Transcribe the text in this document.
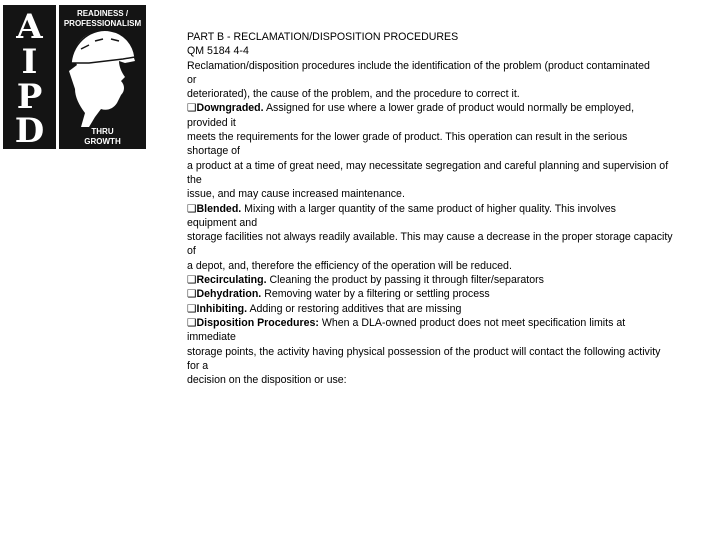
A
I
P
D
READINESS /
PROFESSIONALISM
THRU
GROWTH
PART B - RECLAMATION/DISPOSITION PROCEDURES
QM 5184 4-4
Reclamation/disposition procedures include the identification of the problem (product contaminated
or
deteriorated), the cause of the problem, and the procedure to correct it.
❑Downgraded. Assigned for use where a lower grade of product would normally be employed,
provided it
meets the requirements for the lower grade of product. This operation can result in the serious
shortage of
a product at a time of great need, may necessitate segregation and careful planning and supervision of
the
issue, and may cause increased maintenance.
❑Blended. Mixing with a larger quantity of the same product of higher quality. This involves
equipment and
storage facilities not always readily available. This may cause a decrease in the proper storage capacity
of
a depot, and, therefore the efficiency of the operation will be reduced.
❑Recirculating. Cleaning the product by passing it through filter/separators
❑Dehydration. Removing water by a filtering or settling process
❑Inhibiting. Adding or restoring additives that are missing
❑Disposition Procedures: When a DLA-owned product does not meet specification limits at
immediate
storage points, the activity having physical possession of the product will contact the following activity
for a
decision on the disposition or use:
